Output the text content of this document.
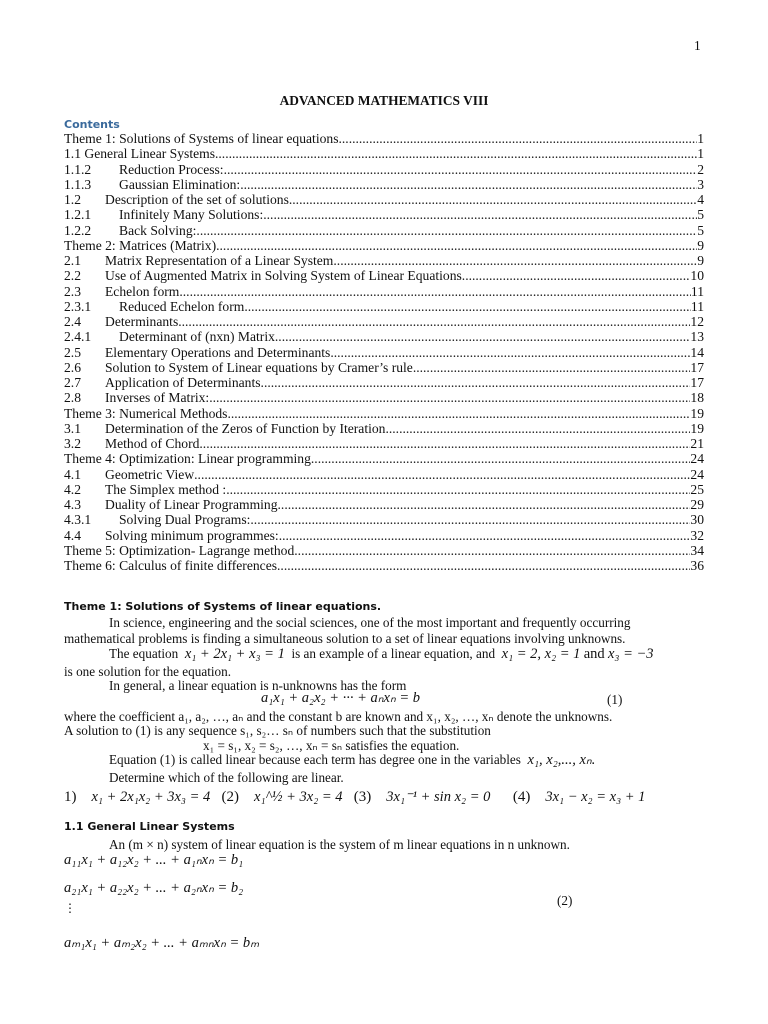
1
ADVANCED MATHEMATICS VIII
Contents
Theme 1: Solutions of Systems of linear equations. .....	1
1.1 General Linear Systems .....	1
1.1.2	Reduction Process: .....	2
1.1.3	Gaussian Elimination: .....	3
1.2	Description of the set of solutions .....	4
1.2.1	Infinitely Many Solutions: .....	5
1.2.2	Back Solving: .....	5
Theme 2: Matrices (Matrix) .....	9
2.1	Matrix Representation of a Linear System .....	9
2.2	Use of Augmented Matrix in Solving System of Linear Equations .....	10
2.3	Echelon form .....	11
2.3.1	Reduced Echelon form .....	11
2.4	Determinants .....	12
2.4.1	Determinant of (nxn) Matrix .....	13
2.5	Elementary Operations and Determinants .....	14
2.6	Solution to System of Linear equations by Cramer’s rule .....	17
2.7	Application of Determinants .....	17
2.8	Inverses of Matrix: .....	18
Theme 3: Numerical Methods. .....	19
3.1	Determination of the Zeros of Function by Iteration .....	19
3.2	Method of Chord .....	21
Theme 4: Optimization: Linear programming. .....	24
4.1	Geometric View .....	24
4.2	The Simplex method : .....	25
4.3	Duality of Linear Programming .....	29
4.3.1	Solving Dual Programs: .....	30
4.4	Solving minimum programmes: .....	32
Theme 5: Optimization- Lagrange method. .....	34
Theme 6: Calculus of finite differences. .....	36
Theme 1: Solutions of Systems of linear equations.
In science, engineering and the social sciences, one of the most important and frequently occurring
mathematical problems is finding a simultaneous solution to a set of linear equations involving unknowns.
The equation x₁ + 2x₁ + x₃ = 1 is an example of a linear equation, and x₁ = 2, x₂ = 1 and x₃ = −3
is one solution for the equation.
In general, a linear equation is n-unknowns has the form
a₁x₁ + a₂x₂ + ··· + aₙxₙ = b	(1)
where the coefficient a₁, a₂, …, aₙ and the constant b are known and x₁, x₂, …, xₙ denote the unknowns.
A solution to (1) is any sequence s₁, s₂… sₙ of numbers such that the substitution
x₁ = s₁, x₂ = s₂, …, xₙ = sₙ satisfies the equation.
Equation (1) is called linear because each term has degree one in the variables x₁, x₂,..., xₙ.
Determine which of the following are linear.
1) x₁ + 2x₁x₂ + 3x₃ = 4 (2) x₁^½ + 3x₂ = 4 (3) 3x₁⁻¹ + sin x₂ = 0 (4) 3x₁ − x₂ = x₃ + 1
1.1 General Linear Systems
An (m × n) system of linear equation is the system of m linear equations in n unknown.
a₁₁x₁ + a₁₂x₂ + ... + a₁ₙxₙ = b₁
a₂₁x₁ + a₂₂x₂ + ... + a₂ₙxₙ = b₂
⋮	(2)
aₘ₁x₁ + aₘ₂x₂ + ... + aₘₙxₙ = bₘ
